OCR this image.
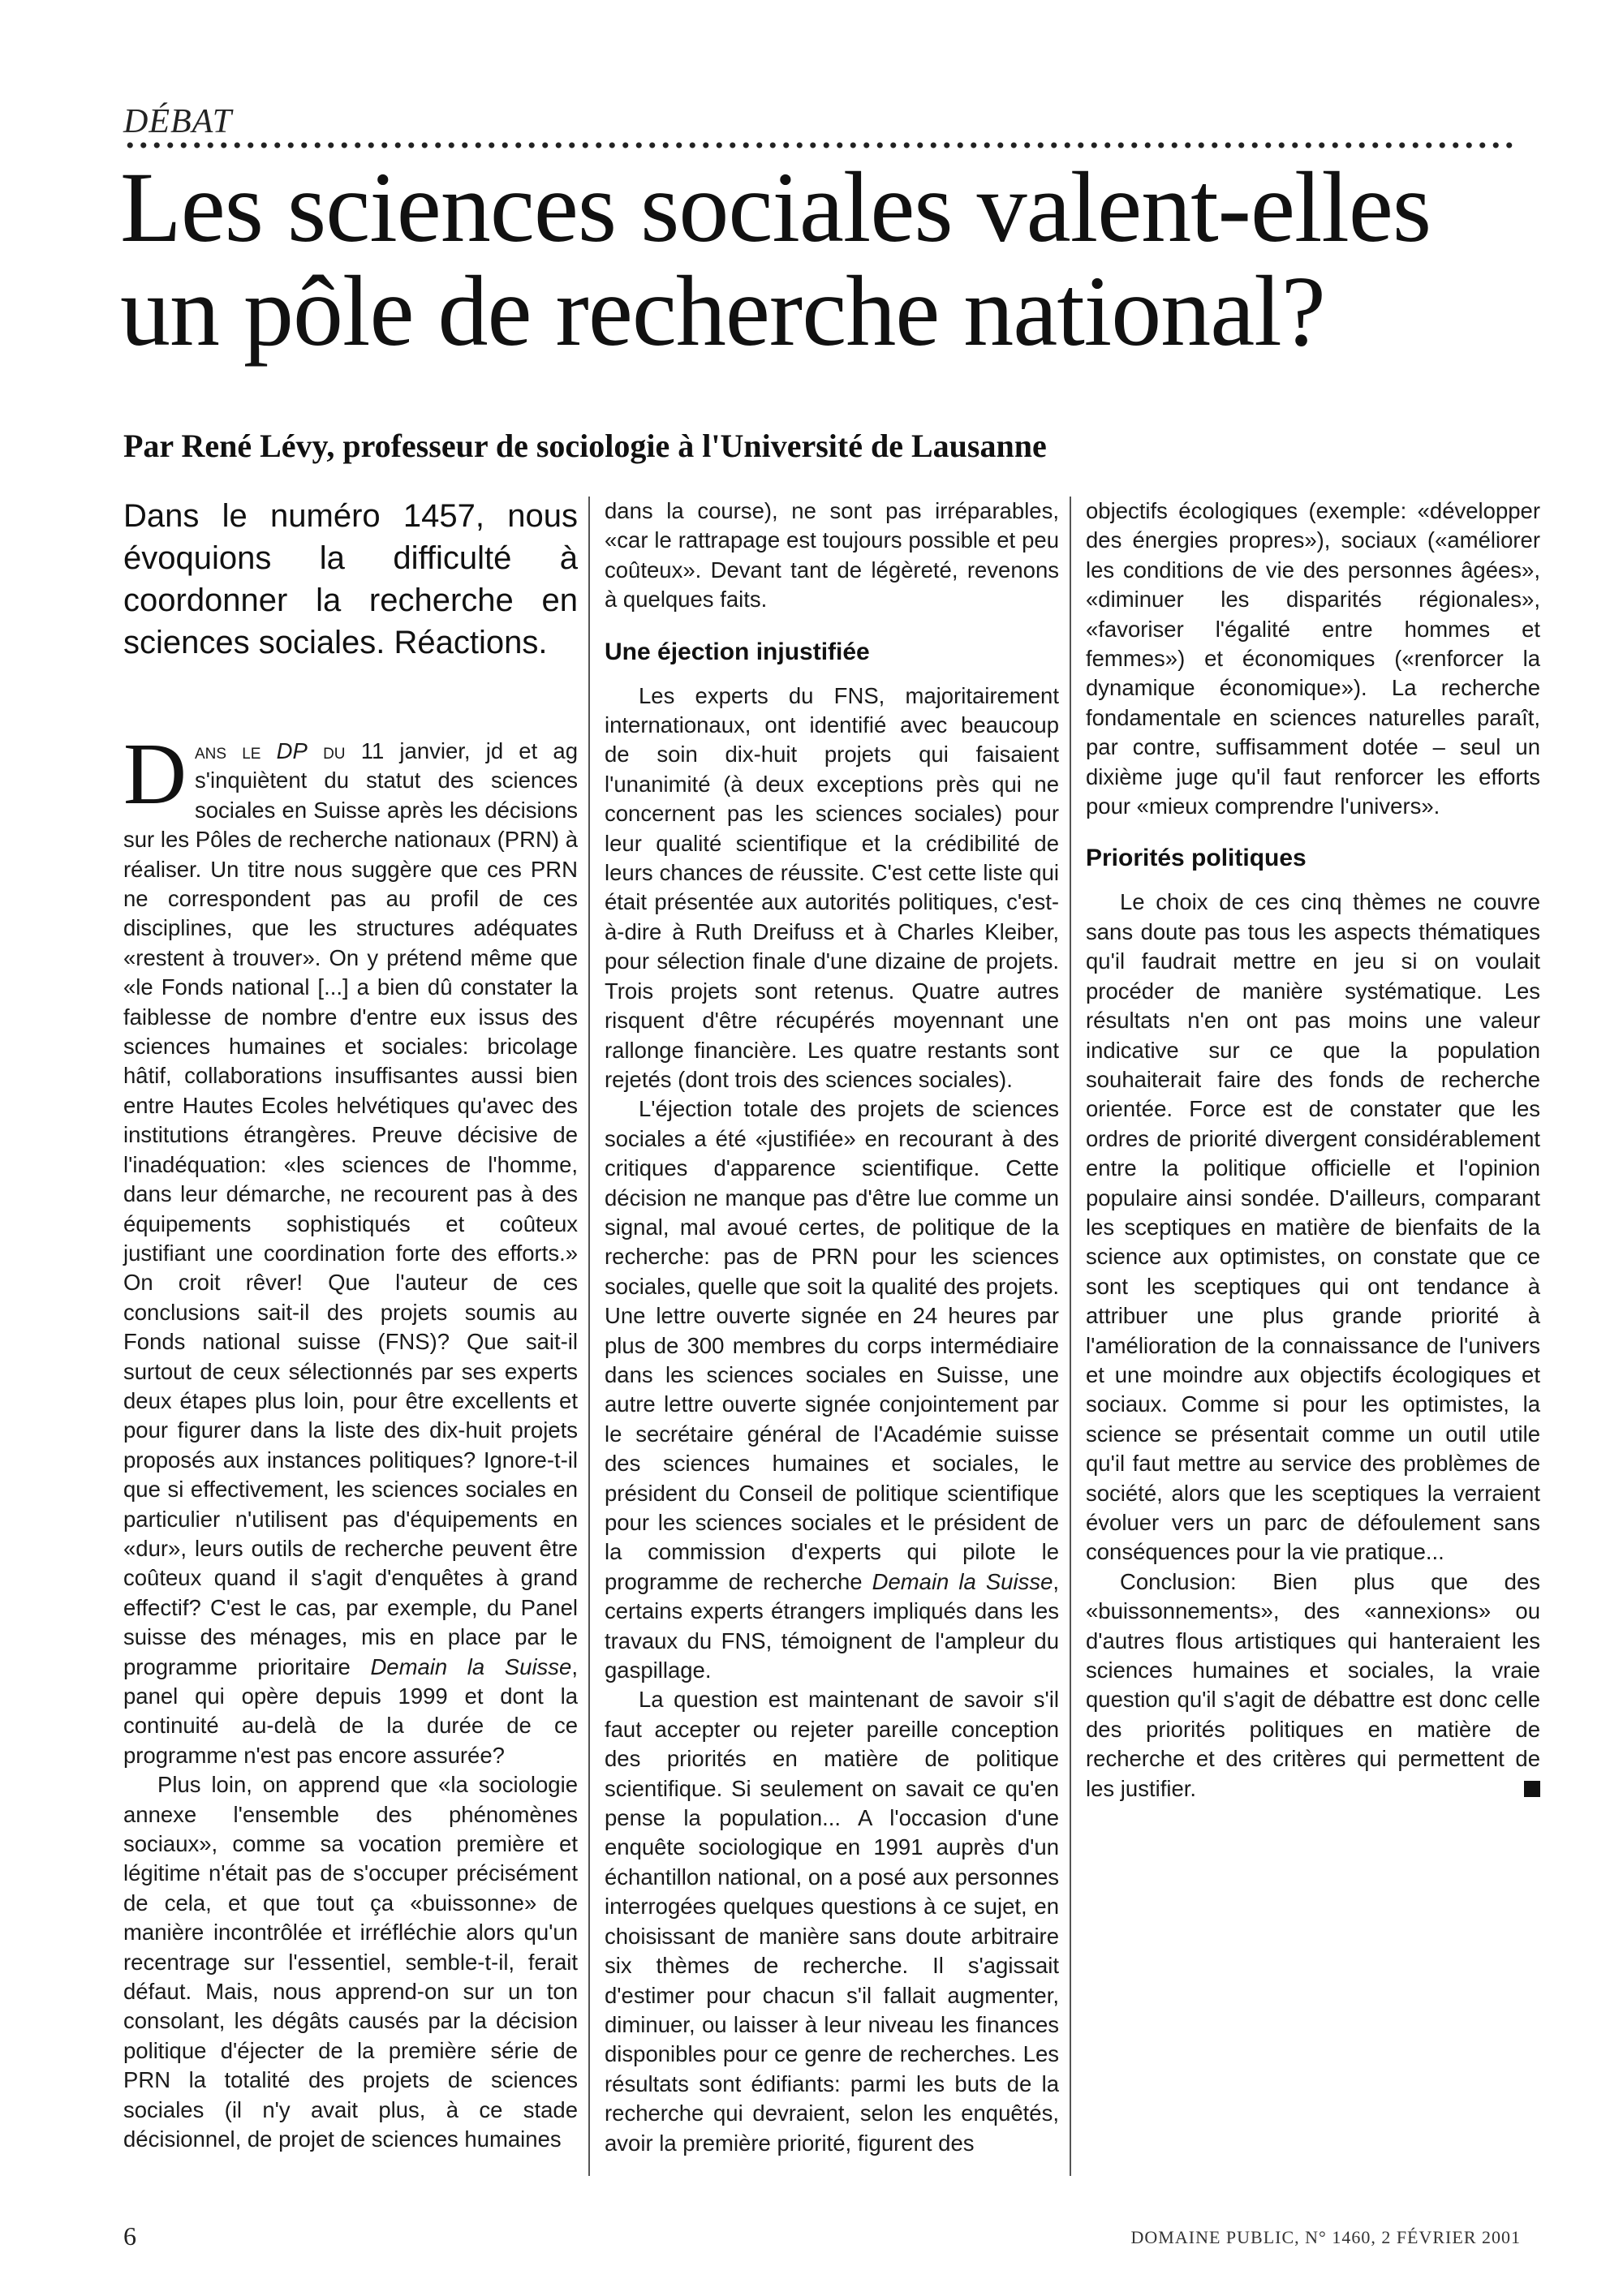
DÉBAT
Les sciences sociales valent-elles un pôle de recherche national?
Par René Lévy, professeur de sociologie à l'Université de Lausanne
Dans le numéro 1457, nous évoquions la difficulté à coordonner la recherche en sciences sociales. Réactions.

Dans le DP du 11 janvier, jd et ag s'inquiètent du statut des sciences sociales en Suisse après les décisions sur les Pôles de recherche nationaux (PRN) à réaliser. Un titre nous suggère que ces PRN ne correspondent pas au profil de ces disciplines, que les structures adéquates «restent à trouver». On y prétend même que «le Fonds national [...] a bien dû constater la faiblesse de nombre d'entre eux issus des sciences humaines et sociales: bricolage hâtif, collaborations insuffisantes aussi bien entre Hautes Ecoles helvétiques qu'avec des institutions étrangères. Preuve décisive de l'inadéquation: «les sciences de l'homme, dans leur démarche, ne recourent pas à des équipements sophistiqués et coûteux justifiant une coordination forte des efforts.» On croit rêver! Que l'auteur de ces conclusions sait-il des projets soumis au Fonds national suisse (FNS)? Que sait-il surtout de ceux sélectionnés par ses experts deux étapes plus loin, pour être excellents et pour figurer dans la liste des dix-huit projets proposés aux instances politiques? Ignore-t-il que si effectivement, les sciences sociales en particulier n'utilisent pas d'équipements en «dur», leurs outils de recherche peuvent être coûteux quand il s'agit d'enquêtes à grand effectif? C'est le cas, par exemple, du Panel suisse des ménages, mis en place par le programme prioritaire Demain la Suisse, panel qui opère depuis 1999 et dont la continuité au-delà de la durée de ce programme n'est pas encore assurée?

Plus loin, on apprend que «la sociologie annexe l'ensemble des phénomènes sociaux», comme sa vocation première et légitime n'était pas de s'occuper précisément de cela, et que tout ça «buissonne» de manière incontrôlée et irréfléchie alors qu'un recentrage sur l'essentiel, semble-t-il, ferait défaut. Mais, nous apprend-on sur un ton consolant, les dégâts causés par la décision politique d'éjecter de la première série de PRN la totalité des projets de sciences sociales (il n'y avait plus, à ce stade décisionnel, de projet de sciences humaines

dans la course), ne sont pas irréparables, «car le rattrapage est toujours possible et peu coûteux». Devant tant de légèreté, revenons à quelques faits.

Une éjection injustifiée

Les experts du FNS, majoritairement internationaux, ont identifié avec beaucoup de soin dix-huit projets qui faisaient l'unanimité (à deux exceptions près qui ne concernent pas les sciences sociales) pour leur qualité scientifique et la crédibilité de leurs chances de réussite. C'est cette liste qui était présentée aux autorités politiques, c'est-à-dire à Ruth Dreifuss et à Charles Kleiber, pour sélection finale d'une dizaine de projets. Trois projets sont retenus. Quatre autres risquent d'être récupérés moyennant une rallonge financière. Les quatre restants sont rejetés (dont trois des sciences sociales).

L'éjection totale des projets de sciences sociales a été «justifiée» en recourant à des critiques d'apparence scientifique. Cette décision ne manque pas d'être lue comme un signal, mal avoué certes, de politique de la recherche: pas de PRN pour les sciences sociales, quelle que soit la qualité des projets. Une lettre ouverte signée en 24 heures par plus de 300 membres du corps intermédiaire dans les sciences sociales en Suisse, une autre lettre ouverte signée conjointement par le secrétaire général de l'Académie suisse des sciences humaines et sociales, le président du Conseil de politique scientifique pour les sciences sociales et le président de la commission d'experts qui pilote le programme de recherche Demain la Suisse, certains experts étrangers impliqués dans les travaux du FNS, témoignent de l'ampleur du gaspillage.

La question est maintenant de savoir s'il faut accepter ou rejeter pareille conception des priorités en matière de politique scientifique. Si seulement on savait ce qu'en pense la population... A l'occasion d'une enquête sociologique en 1991 auprès d'un échantillon national, on a posé aux personnes interrogées quelques questions à ce sujet, en choisissant de manière sans doute arbitraire six thèmes de recherche. Il s'agissait d'estimer pour chacun s'il fallait augmenter, diminuer, ou laisser à leur niveau les finances disponibles pour ce genre de recherches. Les résultats sont édifiants: parmi les buts de la recherche qui devraient, selon les enquêtés, avoir la première priorité, figurent des

objectifs écologiques (exemple: «développer des énergies propres»), sociaux («améliorer les conditions de vie des personnes âgées», «diminuer les disparités régionales», «favoriser l'égalité entre hommes et femmes») et économiques («renforcer la dynamique économique»). La recherche fondamentale en sciences naturelles paraît, par contre, suffisamment dotée – seul un dixième juge qu'il faut renforcer les efforts pour «mieux comprendre l'univers».

Priorités politiques

Le choix de ces cinq thèmes ne couvre sans doute pas tous les aspects thématiques qu'il faudrait mettre en jeu si on voulait procéder de manière systématique. Les résultats n'en ont pas moins une valeur indicative sur ce que la population souhaiterait faire des fonds de recherche orientée. Force est de constater que les ordres de priorité divergent considérablement entre la politique officielle et l'opinion populaire ainsi sondée. D'ailleurs, comparant les sceptiques en matière de bienfaits de la science aux optimistes, on constate que ce sont les sceptiques qui ont tendance à attribuer une plus grande priorité à l'amélioration de la connaissance de l'univers et une moindre aux objectifs écologiques et sociaux. Comme si pour les optimistes, la science se présentait comme un outil utile qu'il faut mettre au service des problèmes de société, alors que les sceptiques la verraient évoluer vers un parc de défoulement sans conséquences pour la vie pratique...

Conclusion: Bien plus que des «buissonnements», des «annexions» ou d'autres flous artistiques qui hanteraient les sciences humaines et sociales, la vraie question qu'il s'agit de débattre est donc celle des priorités politiques en matière de recherche et des critères qui permettent de les justifier.

6	DOMAINE PUBLIC, N° 1460, 2 FÉVRIER 2001
